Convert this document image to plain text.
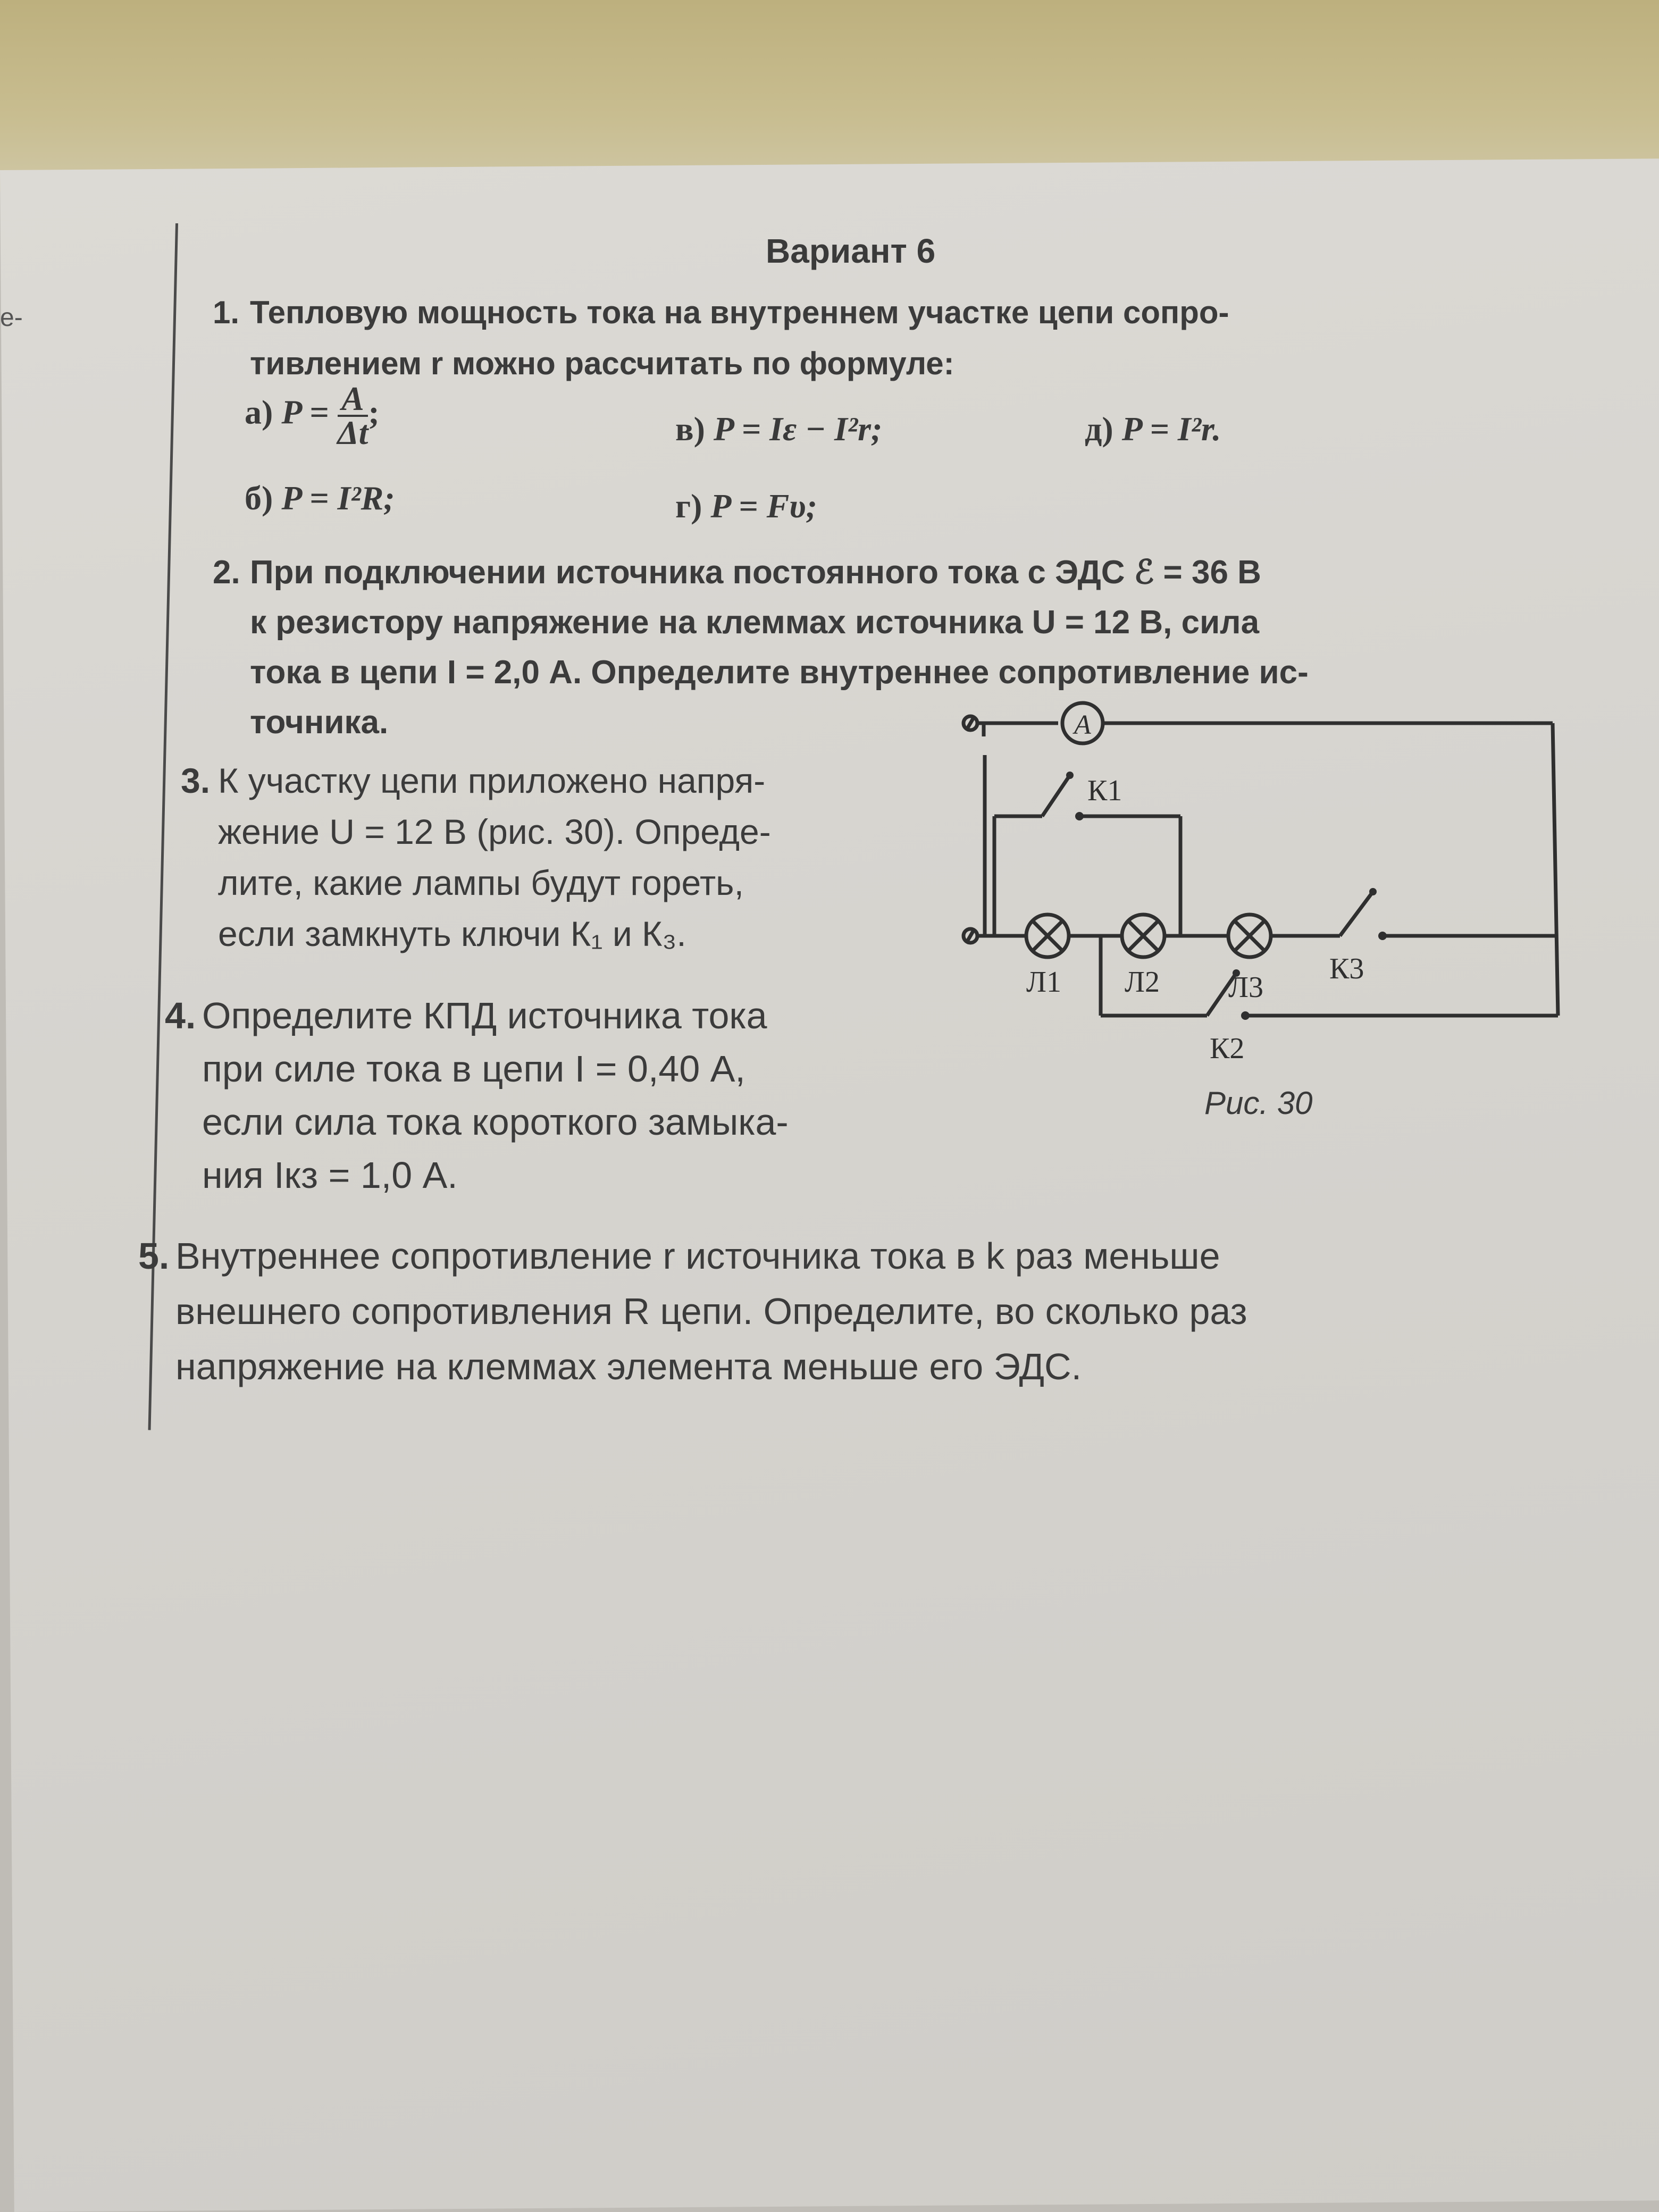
е-
Вариант 6
1. Тепловую мощность тока на внутреннем участке цепи сопро-

тивлением r можно рассчитать по формуле:

а) $P = \frac{A}{\Delta t}$;
б) P = I²R;
в) P = Iε − I²r;
г) P = Fυ;
д) P = I²r.
2. При подключении источника постоянного тока с ЭДС ℰ = 36 В

к резистору напряжение на клеммах источника U = 12 В, сила

тока в цепи I = 2,0 А. Определите внутреннее сопротивление ис-

точника.

3. К участку цепи приложено напря-

жение U = 12 В (рис. 30). Опреде-

лите, какие лампы будут гореть,

если замкнуть ключи К₁ и К₃.

4. Определите КПД источника тока

при силе тока в цепи I = 0,40 А,

если сила тока короткого замыка-

ния Iкз = 1,0 А.

5. Внутреннее сопротивление r источника тока в k раз меньше

внешнего сопротивления R цепи. Определите, во сколько раз

напряжение на клеммах элемента меньше его ЭДС.

A
К1
К3
К2
Л1 Л2 Л3
Рис. 30
